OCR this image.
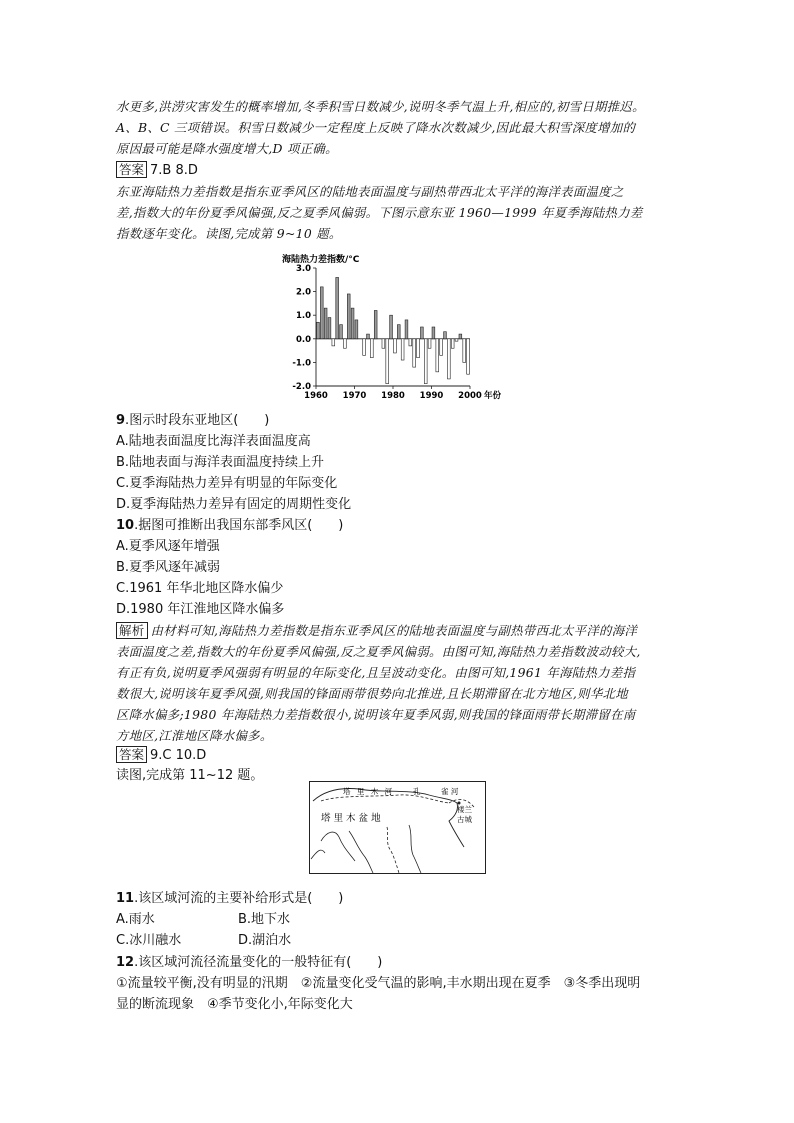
水更多,洪涝灾害发生的概率增加,冬季积雪日数减少,说明冬季气温上升,相应的,初雪日期推迟。
A、B、C 三项错误。积雪日数减少一定程度上反映了降水次数减少,因此最大积雪深度增加的
原因最可能是降水强度增大,D 项正确。
答案 7.B 8.D
东亚海陆热力差指数是指东亚季风区的陆地表面温度与副热带西北太平洋的海洋表面温度之
差,指数大的年份夏季风偏强,反之夏季风偏弱。下图示意东亚 1960—1999 年夏季海陆热力差
指数逐年变化。读图,完成第 9~10 题。
海陆热力差指数/°C
3.0
2.0
1.0
0.0
-1.0
-2.0
1960 1970 1980 1990 2000 年份
9.图示时段东亚地区(　　)
A.陆地表面温度比海洋表面温度高
B.陆地表面与海洋表面温度持续上升
C.夏季海陆热力差异有明显的年际变化
D.夏季海陆热力差异有固定的周期性变化
10.据图可推断出我国东部季风区(　　)
A.夏季风逐年增强
B.夏季风逐年减弱
C.1961 年华北地区降水偏少
D.1980 年江淮地区降水偏多
解析 由材料可知,海陆热力差指数是指东亚季风区的陆地表面温度与副热带西北太平洋的海洋
表面温度之差,指数大的年份夏季风偏强,反之夏季风偏弱。由图可知,海陆热力差指数波动较大,
有正有负,说明夏季风强弱有明显的年际变化,且呈波动变化。由图可知,1961 年海陆热力差指
数很大,说明该年夏季风强,则我国的锋面雨带很势向北推进,且长期滞留在北方地区,则华北地
区降水偏多;1980 年海陆热力差指数很小,说明该年夏季风弱,则我国的锋面雨带长期滞留在南
方地区,江淮地区降水偏多。
答案 9.C 10.D
读图,完成第 11~12 题。
塔 里 木 河	孔	雀 河
楼兰
古城
塔 里 木 盆 地
11.该区域河流的主要补给形式是(　　)
A.雨水	B.地下水
C.冰川融水	D.湖泊水
12.该区域河流径流量变化的一般特征有(　　)
①流量较平衡,没有明显的汛期　②流量变化受气温的影响,丰水期出现在夏季　③冬季出现明
显的断流现象　④季节变化小,年际变化大
